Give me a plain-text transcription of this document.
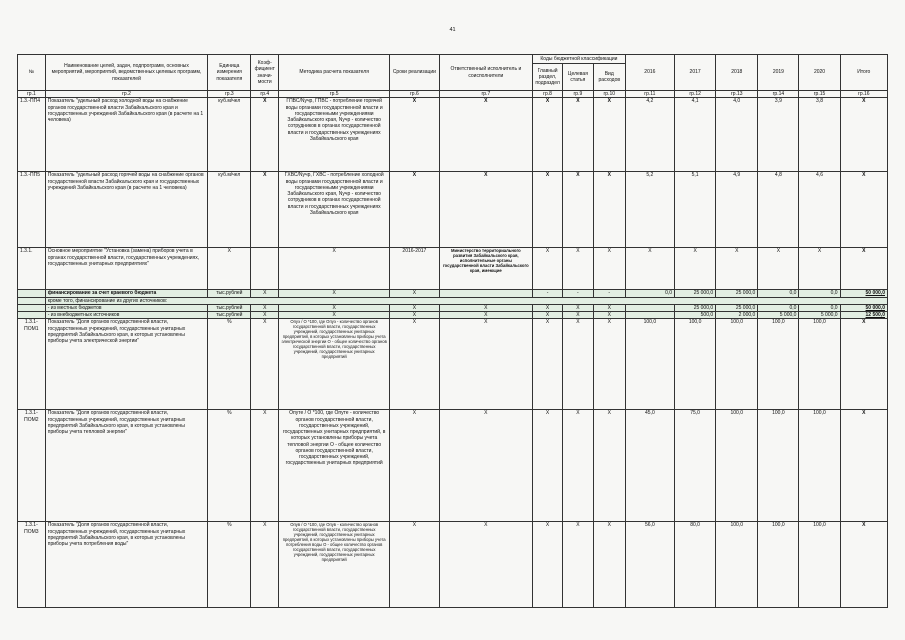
41
№	Наименование целей, задач, подпрограмм, основных мероприятий, мероприятий, ведомственных целевых программ, показателей	Единица измерения показателя	Коэф-фициент значи-мости	Методика расчета показателя	Сроки реализации	Ответственный исполнитель и соисполнители	Коды бюджетной классификации			2016	2017	2018	2019	2020	Итого
							Главный раздел, подраздел	Целевая статья	Вид расходов						
гр.1	гр.2	гр.3	гр.4	гр.5	гр.6	гр.7	гр.8	гр.9	гр.10	гр.11	гр.12	гр.13	гр.14	гр.15	гр.16
1.3.-ПП4	Показатель "удельный расход холодной воды на снабжение органов государственной власти Забайкальского края и государственных учреждений Забайкальского края (в расчете на 1 человека)	куб.м/чел	Х	ГПВС/Nучр, ГПВС - потребление горячей воды органами государственной власти и государственными учреждениями Забайкальского края, Nучр - количество сотрудников в органах государственной власти и государственных учреждениях Забайкальского края	Х	Х	Х	Х	Х	4,2	4,1	4,0	3,9	3,8	Х
1.3.-ПП5	Показатель "удельный расход горячей воды на снабжение органов государственной власти Забайкальского края и государственных учреждений Забайкальского края (в расчете на 1 человека)	куб.м/чел	Х	ГХВС/Nучр, ГХВС - потребление холодной воды органами государственной власти и государственными учреждениями Забайкальского края, Nучр - количество сотрудников в органах государственной власти и государственных учреждениях Забайкальского края	Х	Х	Х	Х	Х	5,2	5,1	4,9	4,8	4,6	Х
1.3.1.	Основное мероприятие "Установка (замена) приборов учета в органах государственной власти, государственных учреждениях, государственных унитарных предприятиях"	Х		Х	2016-2017	Министерство территориального развития Забайкальского края, исполнительные органы государственной власти Забайкальского края, имеющие	Х	Х	Х	Х	Х	Х	Х	Х	Х
	финансирование за счет краевого бюджета	тыс.рублей	Х	Х	Х		-	-	-	0,0	25 000,0	25 000,0	0,0	0,0	50 000,0
	кроме того, финансирование из других источников:														
	- из местных бюджетов	тыс.рублей	Х	Х	Х	Х	Х	Х	Х		25 000,0	25 000,0	0,0	0,0	50 000,0
	- из внебюджетных источников	тыс.рублей	Х	Х	Х	Х	Х	Х	Х		500,0	2 000,0	5 000,0	5 000,0	12 500,0
1.3.1-ПОМ1	Показатель "Доля органов государственной власти, государственных учреждений, государственных унитарных предприятий Забайкальского края, в которых установлены приборы учета электрической энергии"	%	Х	Опуэ / О *100, где Опуэ - количество органов государственной власти, государственных учреждений, государственных унитарных предприятий, в которых установлены приборы учета электрической энергии О - общее количество органов государственной власти, государственных учреждений, государственных унитарных предприятий	Х	Х	Х	Х	Х	100,0	100,0	100,0	100,0	100,0	Х
1.3.1-ПОМ2	Показатель "Доля органов государственной власти, государственных учреждений, государственных унитарных предприятий Забайкальского края, в которых установлены приборы учета тепловой энергии"	%	Х	Опуте / О *100, где Опуте - количество органов государственной власти, государственных учреждений, государственных унитарных предприятий, в которых установлены приборы учета тепловой энергии О - общее количество органов государственной власти, государственных учреждений, государственных унитарных предприятий	Х	Х	Х	Х	Х	45,0	75,0	100,0	100,0	100,0	Х
1.3.1-ПОМ3	Показатель "Доля органов государственной власти, государственных учреждений, государственных унитарных предприятий Забайкальского края, в которых установлены приборы учета потребления воды"	%	Х	Опув / О *100, где Опув - количество органов государственной власти, государственных учреждений, государственных унитарных предприятий, в которых установлены приборы учета потребления воды О - общее количество органов государственной власти, государственных учреждений, государственных унитарных предприятий	Х	Х	Х	Х	Х	56,0	80,0	100,0	100,0	100,0	Х
